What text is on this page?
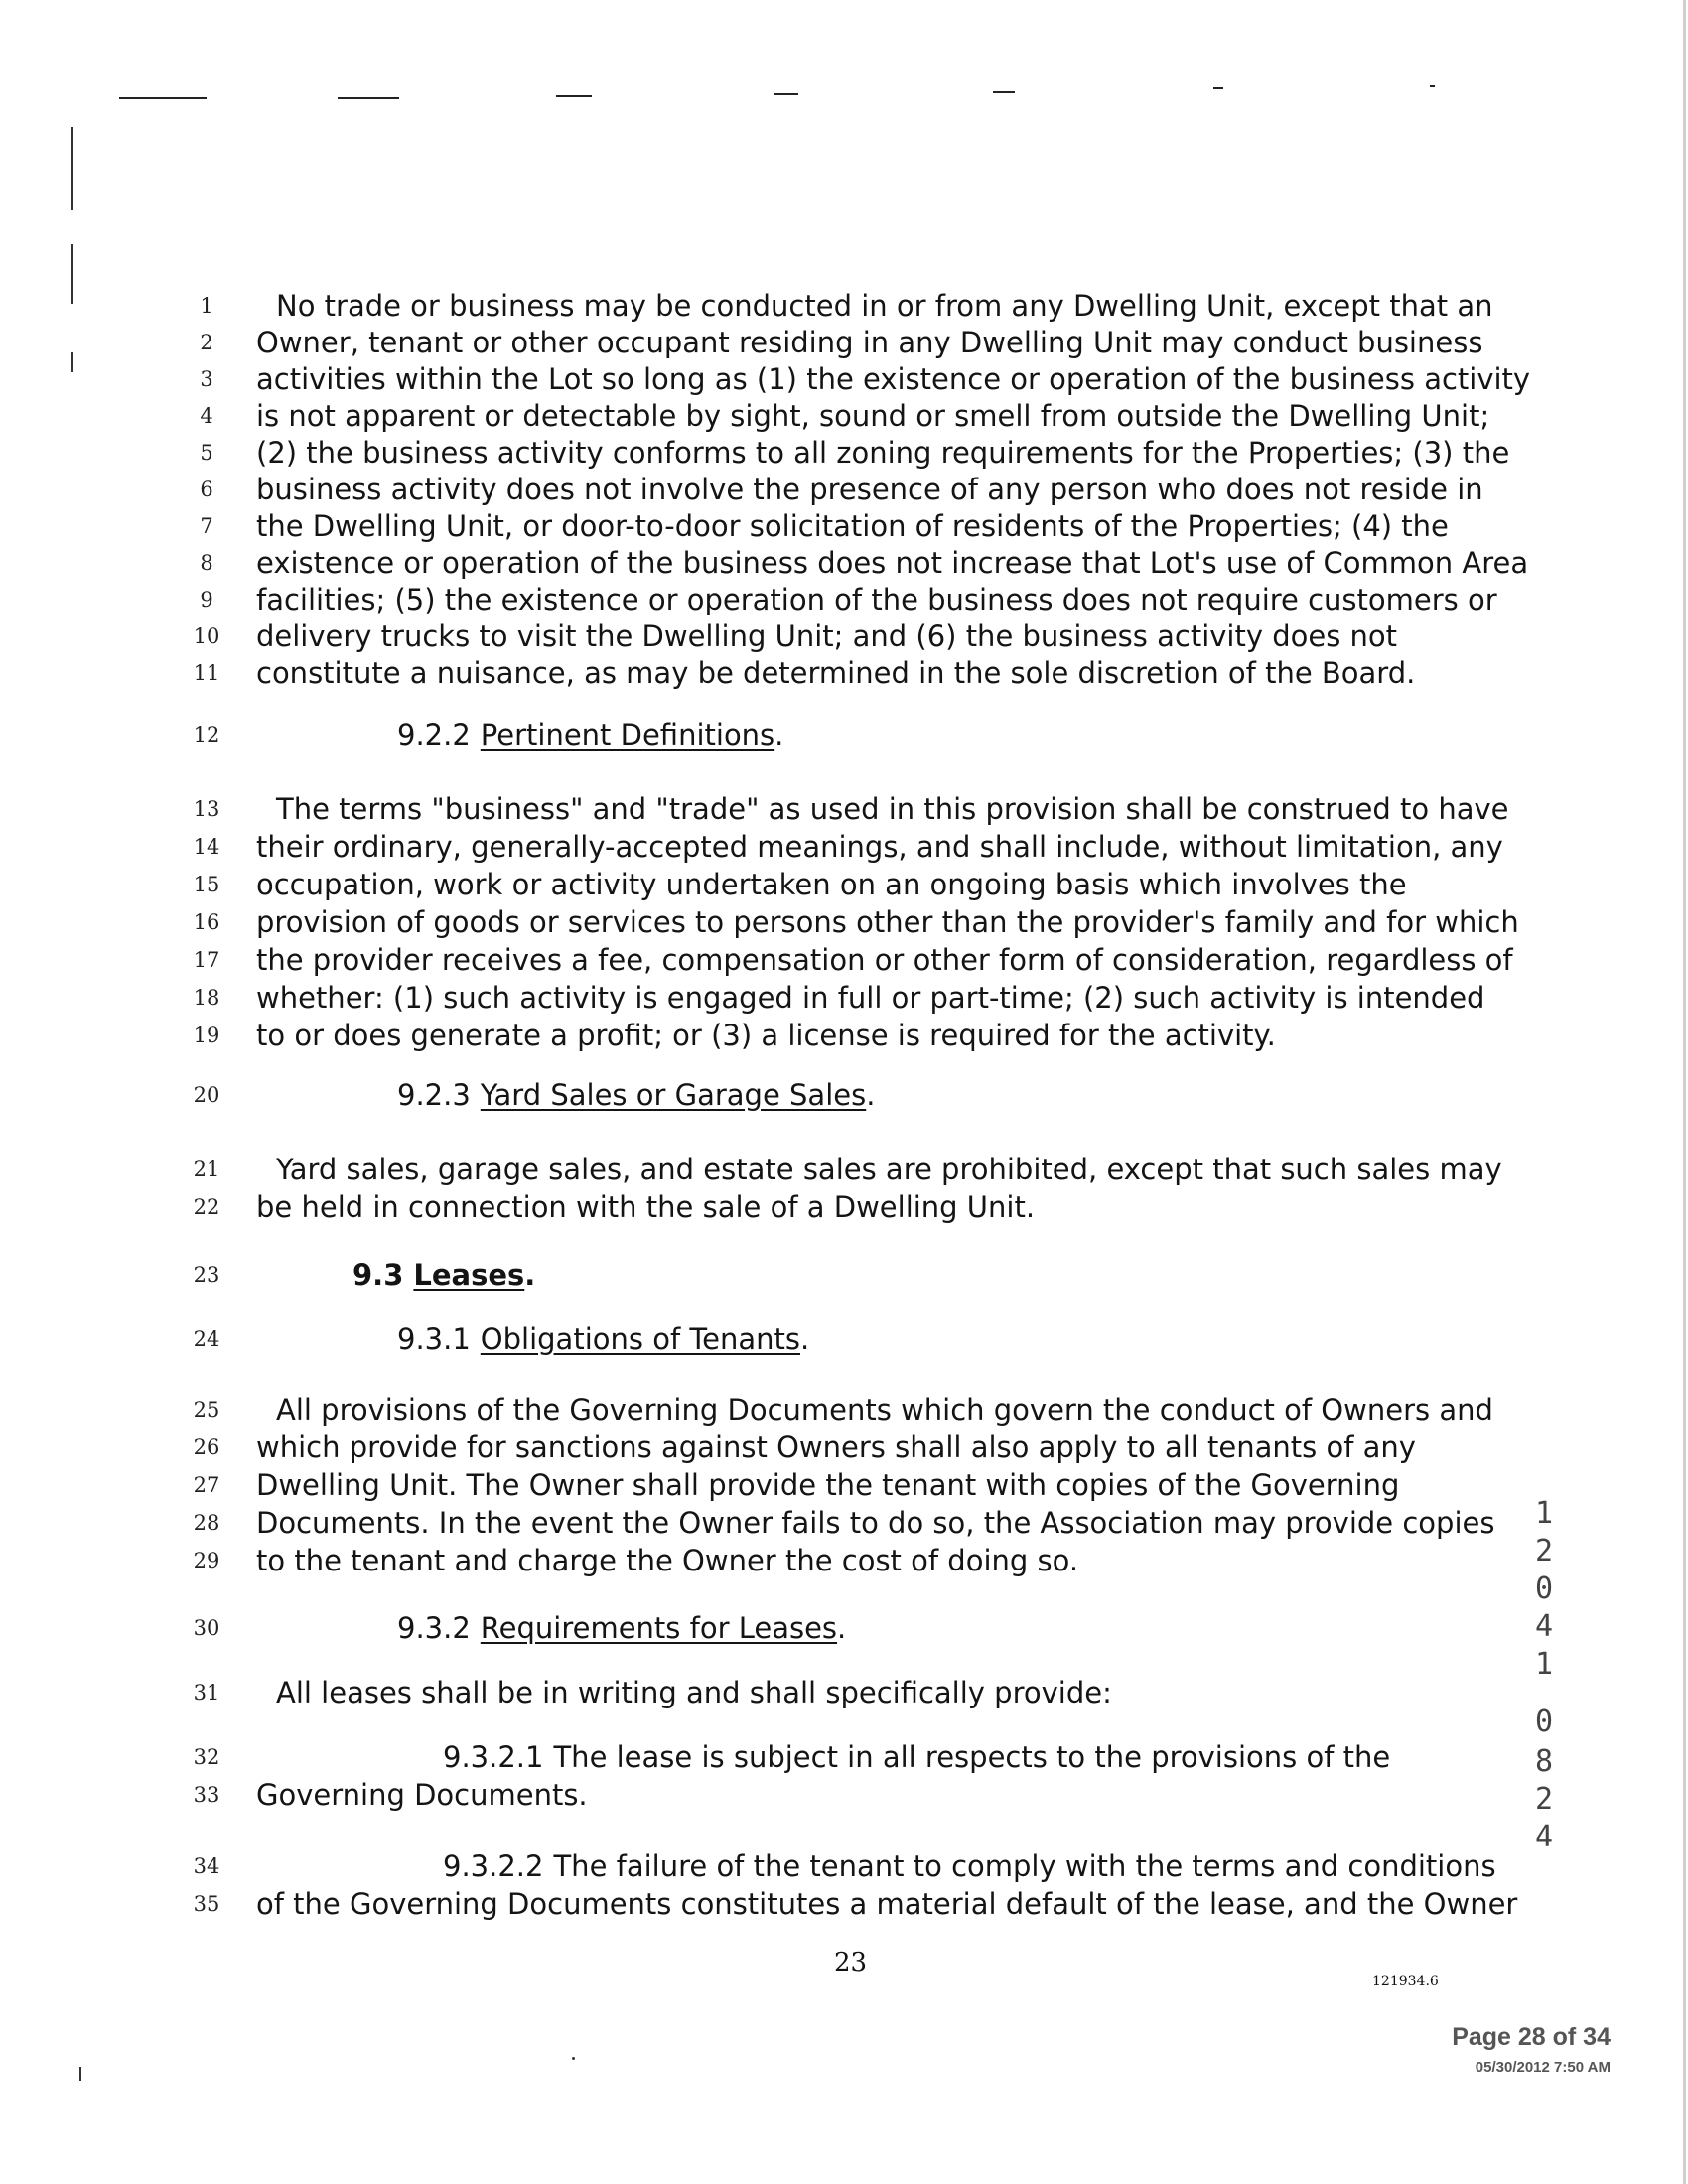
1	No trade or business may be conducted in or from any Dwelling Unit, except that an
2	Owner, tenant or other occupant residing in any Dwelling Unit may conduct business
3	activities within the Lot so long as (1) the existence or operation of the business activity
4	is not apparent or detectable by sight, sound or smell from outside the Dwelling Unit;
5	(2) the business activity conforms to all zoning requirements for the Properties; (3) the
6	business activity does not involve the presence of any person who does not reside in
7	the Dwelling Unit, or door-to-door solicitation of residents of the Properties; (4) the
8	existence or operation of the business does not increase that Lot's use of Common Area
9	facilities; (5) the existence or operation of the business does not require customers or
10	delivery trucks to visit the Dwelling Unit; and (6) the business activity does not
11	constitute a nuisance, as may be determined in the sole discretion of the Board.
12	9.2.2 Pertinent Definitions.
13	The terms "business" and "trade" as used in this provision shall be construed to have
14	their ordinary, generally-accepted meanings, and shall include, without limitation, any
15	occupation, work or activity undertaken on an ongoing basis which involves the
16	provision of goods or services to persons other than the provider's family and for which
17	the provider receives a fee, compensation or other form of consideration, regardless of
18	whether: (1) such activity is engaged in full or part-time; (2) such activity is intended
19	to or does generate a profit; or (3) a license is required for the activity.
20	9.2.3 Yard Sales or Garage Sales.
21	Yard sales, garage sales, and estate sales are prohibited, except that such sales may
22	be held in connection with the sale of a Dwelling Unit.
23	9.3 Leases.
24	9.3.1 Obligations of Tenants.
25	All provisions of the Governing Documents which govern the conduct of Owners and
26	which provide for sanctions against Owners shall also apply to all tenants of any
27	Dwelling Unit. The Owner shall provide the tenant with copies of the Governing
28	Documents. In the event the Owner fails to do so, the Association may provide copies
29	to the tenant and charge the Owner the cost of doing so.
30	9.3.2 Requirements for Leases.
31	All leases shall be in writing and shall specifically provide:
32	9.3.2.1 The lease is subject in all respects to the provisions of the
33	Governing Documents.
34	9.3.2.2 The failure of the tenant to comply with the terms and conditions
35	of the Governing Documents constitutes a material default of the lease, and the Owner
23
121934.6
1
2
0
4
1
0
8
2
4
Page 28 of 34
05/30/2012 7:50 AM
